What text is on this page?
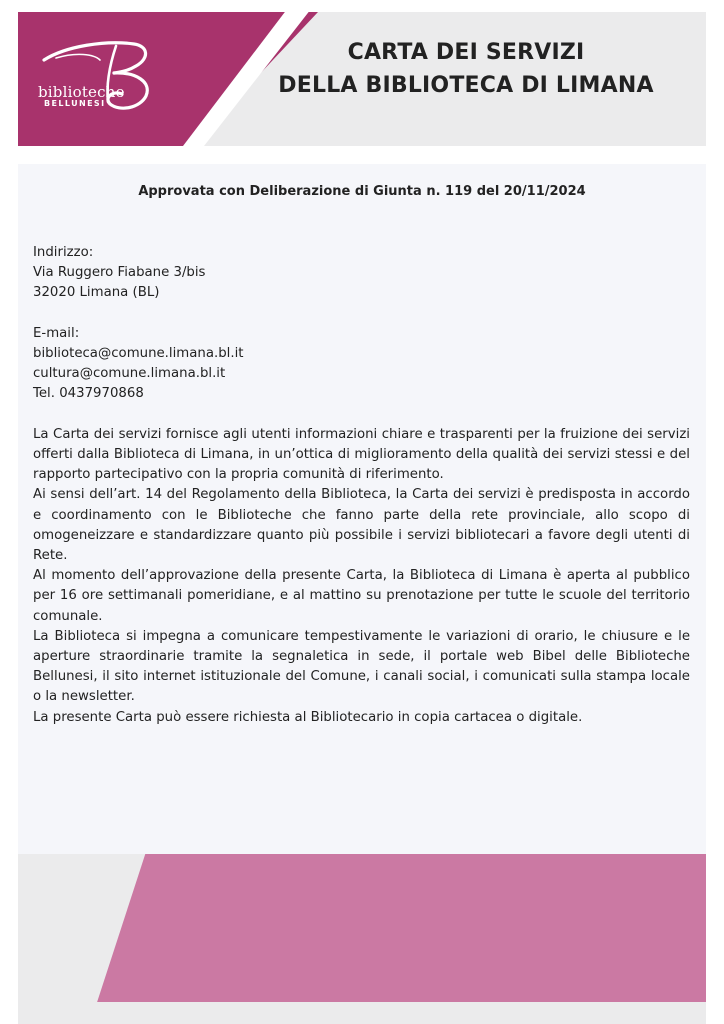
biblioteche
BELLUNESI
CARTA DEI SERVIZI
DELLA BIBLIOTECA DI LIMANA
Approvata con Deliberazione di Giunta n. 119 del 20/11/2024
Indirizzo:
Via Ruggero Fiabane 3/bis
32020 Limana (BL)
E-mail:
biblioteca@comune.limana.bl.it
cultura@comune.limana.bl.it
Tel. 0437970868

La Carta dei servizi fornisce agli utenti informazioni chiare e trasparenti per la fruizione dei servizi offerti dalla Biblioteca di Limana, in un’ottica di miglioramento della qualità dei servizi stessi e del rapporto partecipativo con la propria comunità di riferimento.

Ai sensi dell’art. 14 del Regolamento della Biblioteca, la Carta dei servizi è predisposta in accordo e coordinamento con le Biblioteche che fanno parte della rete provinciale, allo scopo di omogeneizzare e standardizzare quanto più possibile i servizi bibliotecari a favore degli utenti di Rete.

Al momento dell’approvazione della presente Carta, la Biblioteca di Limana è aperta al pubblico per 16 ore settimanali pomeridiane, e al mattino su prenotazione per tutte le scuole del territorio comunale.

La Biblioteca si impegna a comunicare tempestivamente le variazioni di orario, le chiusure e le aperture straordinarie tramite la segnaletica in sede, il portale web Bibel delle Biblioteche Bellunesi, il sito internet istituzionale del Comune, i canali social, i comunicati sulla stampa locale o la newsletter.

La presente Carta può essere richiesta al Bibliotecario in copia cartacea o digitale.
